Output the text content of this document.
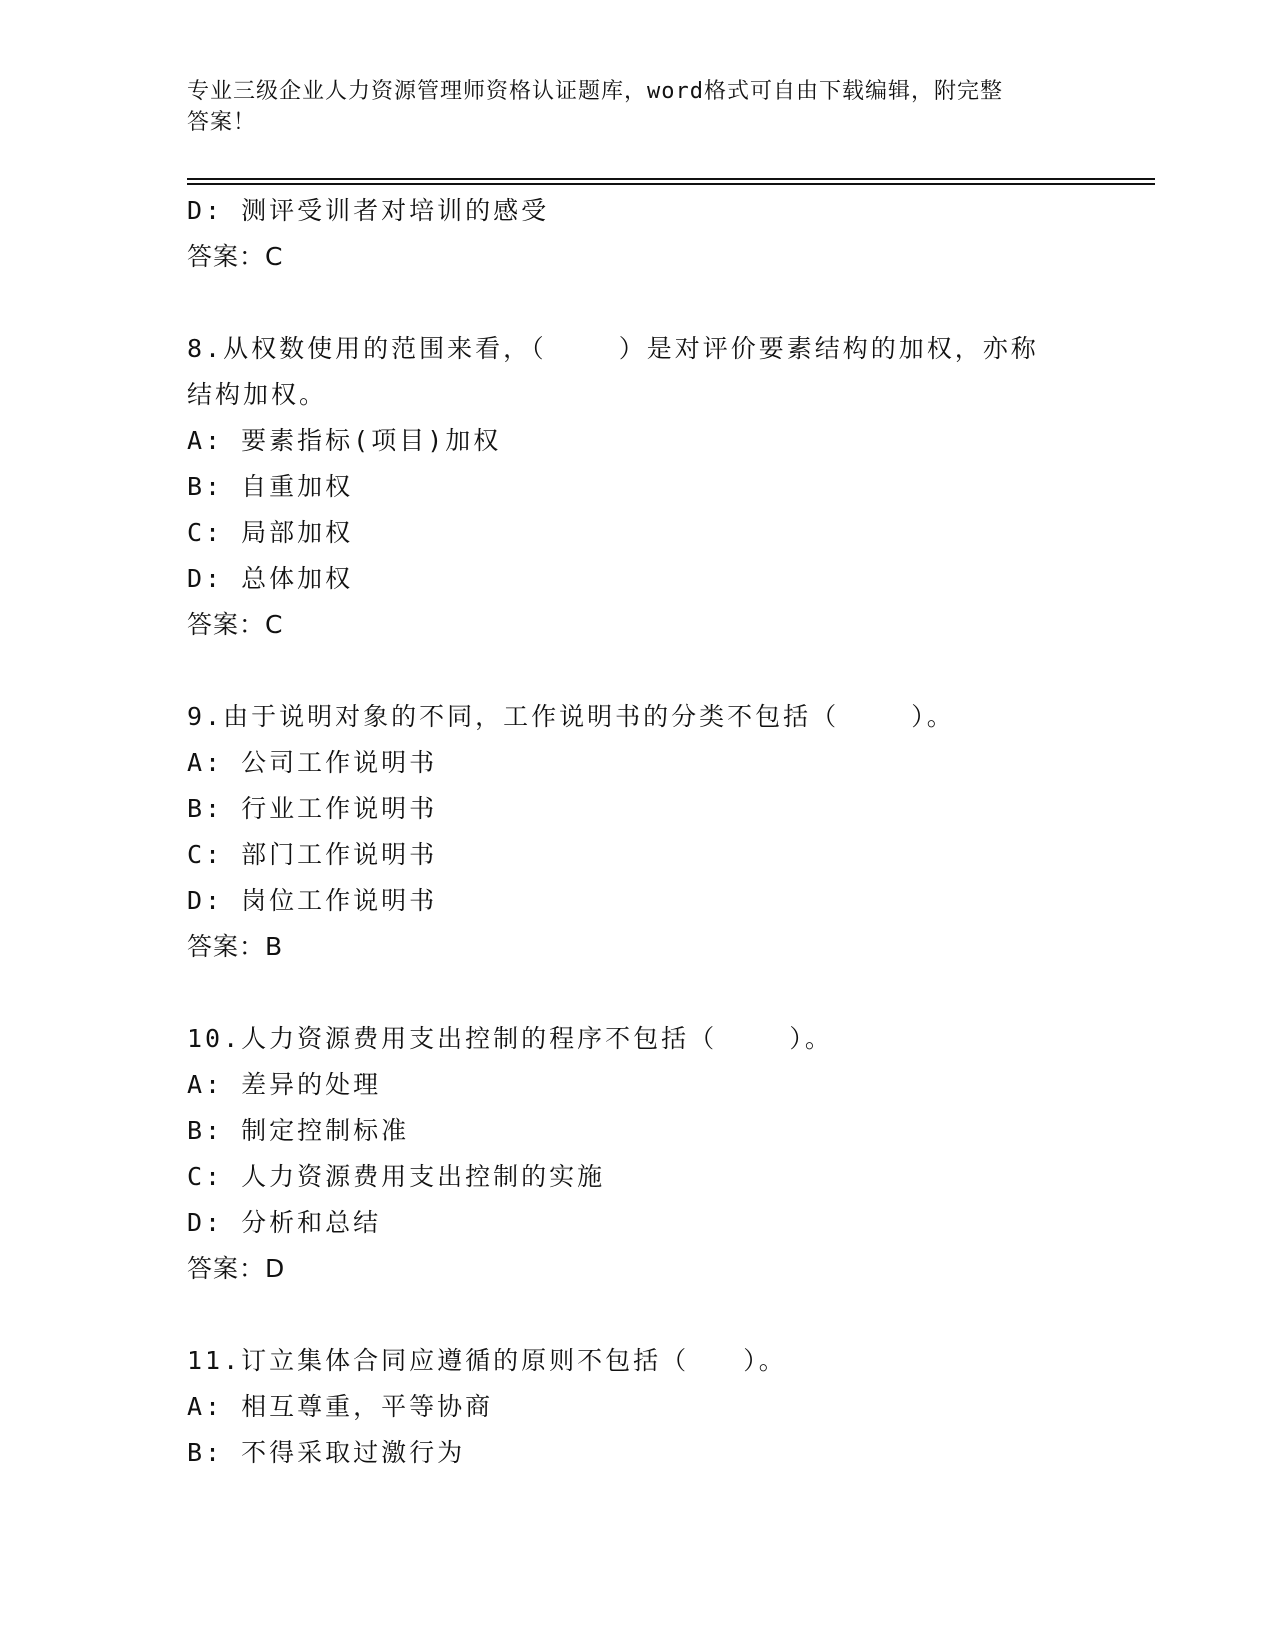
专业三级企业人力资源管理师资格认证题库，word格式可自由下载编辑，附完整
答案！
D: 测评受训者对培训的感受
答案：C
8.从权数使用的范围来看，（    ）是对评价要素结构的加权，亦称
结构加权。
A: 要素指标(项目)加权
B: 自重加权
C: 局部加权
D: 总体加权
答案：C
9.由于说明对象的不同，工作说明书的分类不包括（    ）。
A: 公司工作说明书
B: 行业工作说明书
C: 部门工作说明书
D: 岗位工作说明书
答案：B
10.人力资源费用支出控制的程序不包括（    ）。
A: 差异的处理
B: 制定控制标准
C: 人力资源费用支出控制的实施
D: 分析和总结
答案：D
11.订立集体合同应遵循的原则不包括（   ）。
A: 相互尊重，平等协商
B: 不得采取过激行为
